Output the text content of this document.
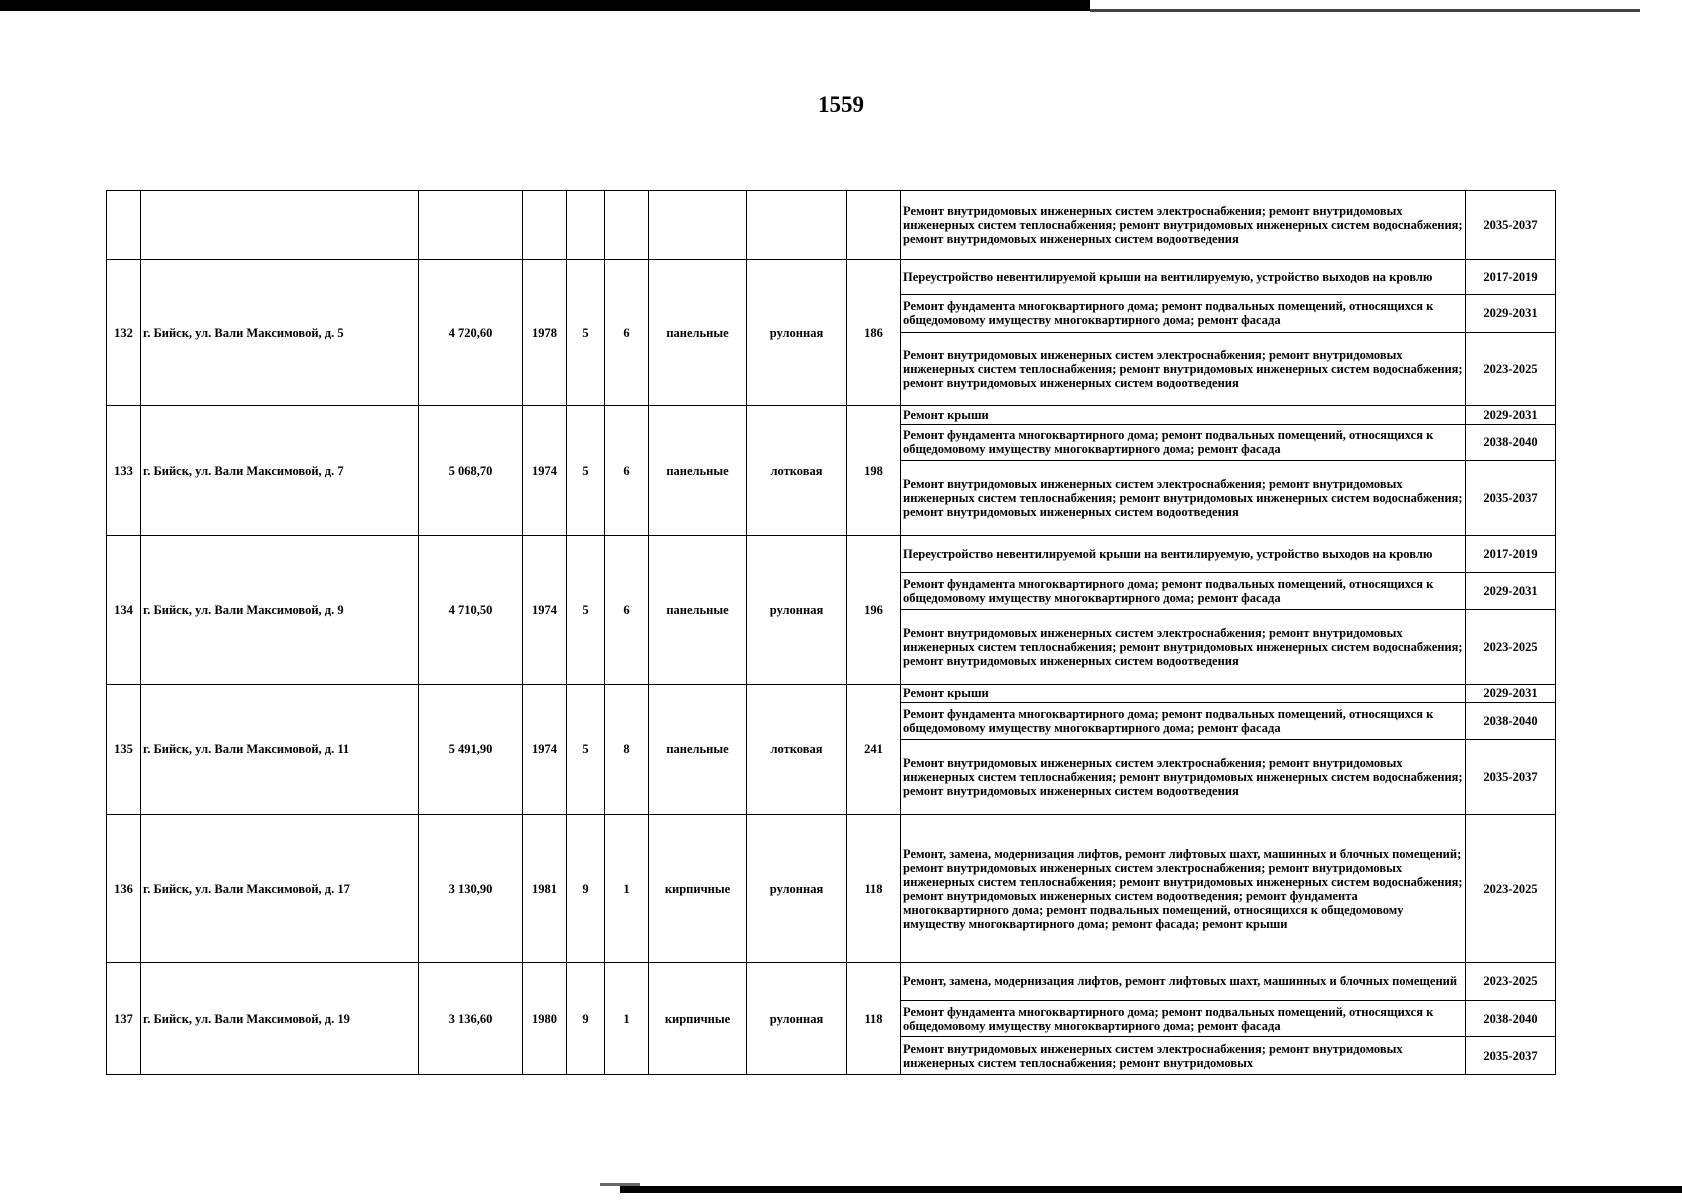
1559
									Ремонт внутридомовых инженерных систем электроснабжения; ремонт внутридомовых инженерных систем теплоснабжения; ремонт внутридомовых инженерных систем водоснабжения; ремонт внутридомовых инженерных систем водоотведения	2035-2037
132	г. Бийск, ул. Вали Максимовой, д. 5	4 720,60	1978	5	6	панельные	рулонная	186	Переустройство невентилируемой крыши на вентилируемую, устройство выходов на кровлю	2017-2019
									Ремонт фундамента многоквартирного дома; ремонт подвальных помещений, относящихся к общедомовому имуществу многоквартирного дома; ремонт фасада	2029-2031
									Ремонт внутридомовых инженерных систем электроснабжения; ремонт внутридомовых инженерных систем теплоснабжения; ремонт внутридомовых инженерных систем водоснабжения; ремонт внутридомовых инженерных систем водоотведения	2023-2025
133	г. Бийск, ул. Вали Максимовой, д. 7	5 068,70	1974	5	6	панельные	лотковая	198	Ремонт крыши	2029-2031
									Ремонт фундамента многоквартирного дома; ремонт подвальных помещений, относящихся к общедомовому имуществу многоквартирного дома; ремонт фасада	2038-2040
									Ремонт внутридомовых инженерных систем электроснабжения; ремонт внутридомовых инженерных систем теплоснабжения; ремонт внутридомовых инженерных систем водоснабжения; ремонт внутридомовых инженерных систем водоотведения	2035-2037
134	г. Бийск, ул. Вали Максимовой, д. 9	4 710,50	1974	5	6	панельные	рулонная	196	Переустройство невентилируемой крыши на вентилируемую, устройство выходов на кровлю	2017-2019
									Ремонт фундамента многоквартирного дома; ремонт подвальных помещений, относящихся к общедомовому имуществу многоквартирного дома; ремонт фасада	2029-2031
									Ремонт внутридомовых инженерных систем электроснабжения; ремонт внутридомовых инженерных систем теплоснабжения; ремонт внутридомовых инженерных систем водоснабжения; ремонт внутридомовых инженерных систем водоотведения	2023-2025
135	г. Бийск, ул. Вали Максимовой, д. 11	5 491,90	1974	5	8	панельные	лотковая	241	Ремонт крыши	2029-2031
									Ремонт фундамента многоквартирного дома; ремонт подвальных помещений, относящихся к общедомовому имуществу многоквартирного дома; ремонт фасада	2038-2040
									Ремонт внутридомовых инженерных систем электроснабжения; ремонт внутридомовых инженерных систем теплоснабжения; ремонт внутридомовых инженерных систем водоснабжения; ремонт внутридомовых инженерных систем водоотведения	2035-2037
136	г. Бийск, ул. Вали Максимовой, д. 17	3 130,90	1981	9	1	кирпичные	рулонная	118	Ремонт, замена, модернизация лифтов, ремонт лифтовых шахт, машинных и блочных помещений; ремонт внутридомовых инженерных систем электроснабжения; ремонт внутридомовых инженерных систем теплоснабжения; ремонт внутридомовых инженерных систем водоснабжения; ремонт внутридомовых инженерных систем водоотведения; ремонт фундамента многоквартирного дома; ремонт подвальных помещений, относящихся к общедомовому имуществу многоквартирного дома; ремонт фасада; ремонт крыши	2023-2025
137	г. Бийск, ул. Вали Максимовой, д. 19	3 136,60	1980	9	1	кирпичные	рулонная	118	Ремонт, замена, модернизация лифтов, ремонт лифтовых шахт, машинных и блочных помещений	2023-2025
									Ремонт фундамента многоквартирного дома; ремонт подвальных помещений, относящихся к общедомовому имуществу многоквартирного дома; ремонт фасада	2038-2040
									Ремонт внутридомовых инженерных систем электроснабжения; ремонт внутридомовых инженерных систем теплоснабжения; ремонт внутридомовых	2035-2037
